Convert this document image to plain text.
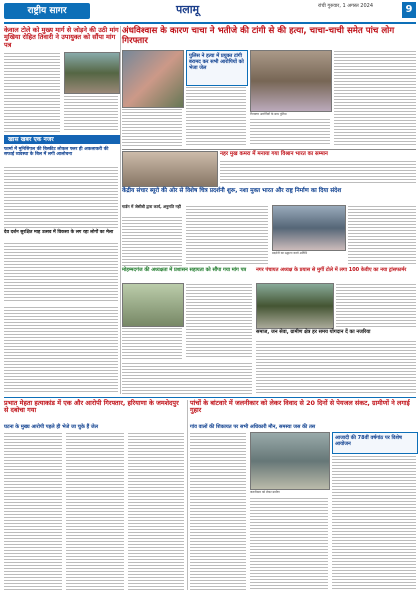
राष्ट्रीय सागर	पलामू	रांची गुरुवार, 1 अगस्त 2024	9
केवाल टोले को मुख्य मार्ग से जोड़ने की उठी मांग मुखिया रोहित तिवारी ने उपायुक्त को सौंपा मांग पत्र
खास खबर एक नजर
फार्मा में मुनिसिपल की बिस्कीट लोकल फ्लर ही अकलाकरी की सफाई व्यवस्था के बिल में लगी आलोचना
देव दर्शन सुरक्षित माह उत्सव में विकसा के लग रहा लोगों का मेला
अंधविश्वास के कारण चाचा ने भतीजे की टांगी से की हत्या, चाचा-चाची समेत पांच लोग गिरफ्तार
पुलिस ने हत्या में प्रयुक्त टांगी बरामद कर सभी आरोपियों को भेजा जेल
गिरफ्तार आरोपियों के साथ पुलिस
नहर मुख कमरा में मनाया गया विश्रान भारत का सम्मान
केंद्रीय संचार ब्यूरो की ओर से विशेष चित्र प्रदर्शनी शुरू, नशा मुक्त भारत और राष्ट्र निर्माण का दिया संदेश
गार्डन में जेसीबी द्वारा कार्य, अनुमति नहीं
प्रदर्शनी का उद्घाटन करते अतिथि
मोहम्मदगंज की अध्यक्षता में प्रशासन सहायता को सौंपा गया मांग पत्र	नगर पंचायत अध्यक्ष के प्रयास से मुर्गी टोले में लगा 100 केवीए का नया ट्रांसफार्मर
समाज, जन सेवा, ग्रामीण क्षेत्र हर समय योगदान दें का नजरिया
प्रभात मेहता हत्याकांड में एक और आरोपी गिरफ्तार, हरियाणा के जमशेदपुर से दबोचा गया
घटना के मुख्य आरोपी पहले ही भेजे जा चुके हैं जेल
पांचों के बांटवारे में जलनीकार को लेकर विवाद से 20 दिनों से पेयजल संकट, ग्रामीणों ने लगाई गुहार
गांव वालों की शिकायत पर सभी अधिकारी मौन, समस्या जस की तस
जलनीकार को लेकर ग्रामीण
आजादी की 78वीं वर्षगांठ पर विशेष आयोजन
